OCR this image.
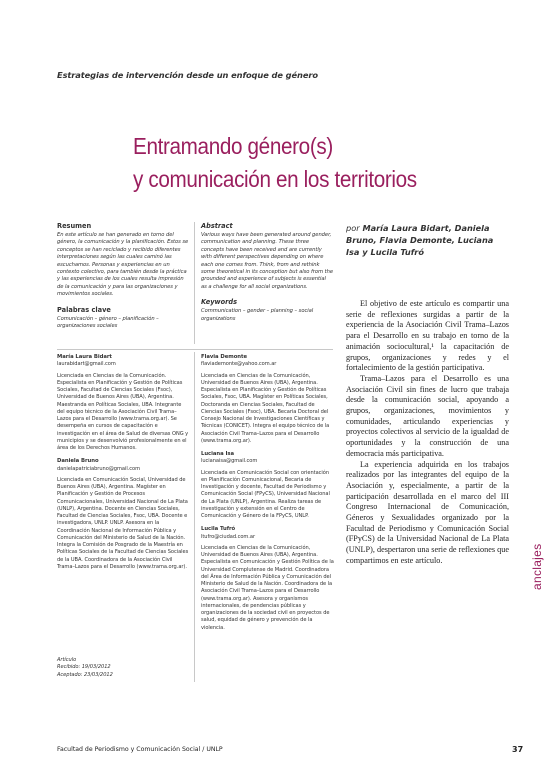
Estrategias de intervención desde un enfoque de género
Entramando género(s)
y comunicación en los territorios
Resumen
En este artículo se han generado en torno del género, la comunicación y la planificación. Estos se conceptos se han reciclado y recibido diferentes interpretaciones según las cuales caminó las escuchamos. Personas y experiencias en un contexto colectivo, para también desde la práctica y las experiencias de los cuales resulta impresión de la comunicación y para las organizaciones y movimientos sociales.
Palabras clave
Comunicación – género – planificación – organizaciones sociales
Abstract
Various ways have been generated around gender, communication and planning. These three concepts have been received and are currently with different perspectives depending on where each one comes from. Think, from and rethink some theoretical in its conception but also from the grounded and experience of subjects is essential as a challenge for all social organizations.
Keywords
Communication – gender – planning – social organizations
por María Laura Bidart, Daniela Bruno, Flavia Demonte, Luciana Isa y Lucila Tufró

María Laura Bidart

laurabidart@gmail.com

Licenciada en Ciencias de la Comunicación. Especialista en Planificación y Gestión de Políticas Sociales, Facultad de Ciencias Sociales (Fsoc), Universidad de Buenos Aires (UBA), Argentina. Maestranda en Políticas Sociales, UBA. Integrante del equipo técnico de la Asociación Civil Trama–Lazos para el Desarrollo (www.trama.org.ar). Se desempeña en cursos de capacitación e investigación en el área de Salud de diversas ONG y municipios y se desenvolvió profesionalmente en el área de los Derechos Humanos.

Daniela Bruno

danielapatriciabruno@gmail.com

Licenciada en Comunicación Social, Universidad de Buenos Aires (UBA), Argentina. Magíster en Planificación y Gestión de Procesos Comunicacionales, Universidad Nacional de La Plata (UNLP), Argentina. Docente en Ciencias Sociales, Facultad de Ciencias Sociales, Fsoc, UBA. Docente e investigadora, UNLP. UNLP. Asesora en la Coordinación Nacional de Información Pública y Comunicación del Ministerio de Salud de la Nación. Integra la Comisión de Posgrado de la Maestría en Políticas Sociales de la Facultad de Ciencias Sociales de la UBA. Coordinadora de la Asociación Civil Trama–Lazos para el Desarrollo (www.trama.org.ar).

Flavia Demonte

flaviademonte@yahoo.com.ar

Licenciada en Ciencias de la Comunicación, Universidad de Buenos Aires (UBA), Argentina. Especialista en Planificación y Gestión de Políticas Sociales, Fsoc, UBA. Magíster en Políticas Sociales, Doctoranda en Ciencias Sociales, Facultad de Ciencias Sociales (Fsoc), UBA. Becaria Doctoral del Consejo Nacional de Investigaciones Científicas y Técnicas (CONICET). Integra el equipo técnico de la Asociación Civil Trama–Lazos para el Desarrollo (www.trama.org.ar).

Luciana Isa

lucianaisa@gmail.com

Licenciada en Comunicación Social con orientación en Planificación Comunicacional, Becaria de Investigación y docente, Facultad de Periodismo y Comunicación Social (FPyCS), Universidad Nacional de La Plata (UNLP), Argentina. Realiza tareas de investigación y extensión en el Centro de Comunicación y Género de la FPyCS, UNLP.

Lucila Tufró

ltufro@ciudad.com.ar

Licenciada en Ciencias de la Comunicación, Universidad de Buenos Aires (UBA), Argentina. Especialista en Comunicación y Gestión Política de la Universidad Complutense de Madrid. Coordinadora del Área de Información Pública y Comunicación del Ministerio de Salud de la Nación. Coordinadora de la Asociación Civil Trama–Lazos para el Desarrollo (www.trama.org.ar). Asesora y organismos internacionales, de pendencias públicas y organizaciones de la sociedad civil en proyectos de salud, equidad de género y prevención de la violencia.

Artículo
Recibido: 19/03/2012
Aceptado: 23/03/2012

El objetivo de este artículo es compartir una serie de reflexiones surgidas a partir de la experiencia de la Asociación Civil Trama–Lazos para el Desarrollo en su trabajo en torno de la animación sociocultural,¹ la capacitación de grupos, organizaciones y redes y el fortalecimiento de la gestión participativa.

Trama–Lazos para el Desarrollo es una Asociación Civil sin fines de lucro que trabaja desde la comunicación social, apoyando a grupos, organizaciones, movimientos y comunidades, articulando experiencias y proyectos colectivos al servicio de la igualdad de oportunidades y la construcción de una democracia más participativa.

La experiencia adquirida en los trabajos realizados por las integrantes del equipo de la Asociación y, especialmente, a partir de la participación desarrollada en el marco del III Congreso Internacional de Comunicación, Géneros y Sexualidades organizado por la Facultad de Periodismo y Comunicación Social (FPyCS) de la Universidad Nacional de La Plata (UNLP), despertaron una serie de reflexiones que compartimos en este artículo.	anclajes
Facultad de Periodismo y Comunicación Social / UNLP	37
